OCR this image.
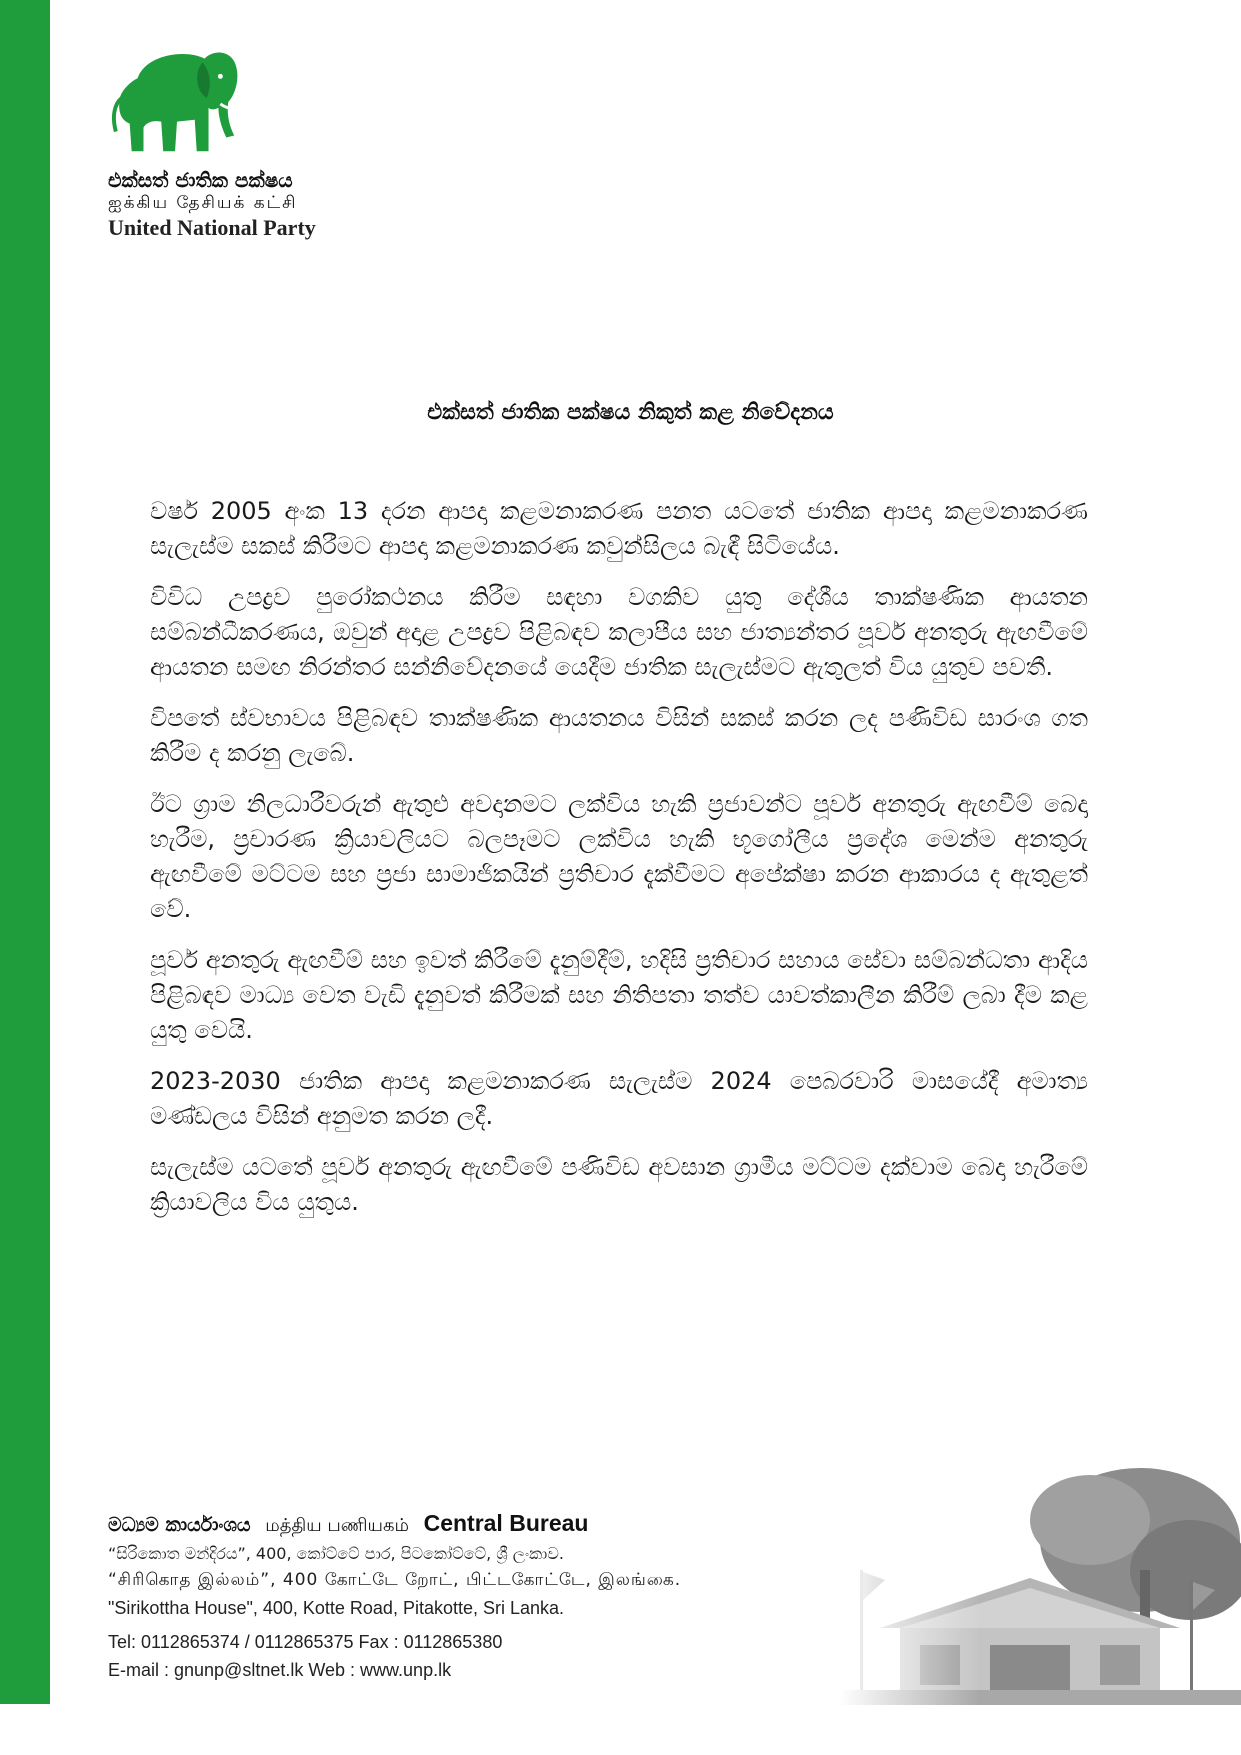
එක්සත් ජාතික පක්ෂය
ஐக்கிய தேசியக் கட்சி
United National Party
එක්සත් ජාතික පක්ෂය නිකුත් කළ නිවේදනය

වර්ෂ 2005 අංක 13 දරන ආපදා කළමනාකරණ පනත යටතේ ජාතික ආපදා කළමනාකරණ සැලැස්ම සකස් කිරීමට ආපදා කළමනාකරණ කවුන්සිලය බැඳී සිටියේය.

විවිධ උපද්‍රව පුරෝකථනය කිරීම සඳහා වගකිව යුතු දේශීය තාක්ෂණික ආයතන සම්බන්ධීකරණය, ඔවුන් අදාළ උපද්‍රව පිළිබඳව කලාපීය සහ ජාත්‍යන්තර පූර්ව අනතුරු ඇඟවීමේ ආයතන සමඟ නිරන්තර සන්නිවේදනයේ යෙදීම ජාතික සැලැස්මට ඇතුලත් විය යුතුව පවතී.

විපතේ ස්වභාවය පිළිබඳව තාක්ෂණික ආයතනය විසින් සකස් කරන ලද පණිවිඩ සාරංශ ගත කිරීම ද කරනු ලැබේ.

ඊට ග්‍රාම නිලධාරීවරුන් ඇතුළු අවදානමට ලක්විය හැකි ප්‍රජාවන්ට පූර්ව අනතුරු ඇඟවීම් බෙදා හැරීම, ප්‍රචාරණ ක්‍රියාවලියට බලපෑමට ලක්විය හැකි භූගෝලීය ප්‍රදේශ මෙන්ම අනතුරු ඇඟවීමේ මට්ටම සහ ප්‍රජා සාමාජිකයින් ප්‍රතිචාර දැක්වීමට අපේක්ෂා කරන ආකාරය ද ඇතුළත් වේ.

පූර්ව අනතුරු ඇඟවීම් සහ ඉවත් කිරීමේ දැනුම්දීම්, හදිසි ප්‍රතිචාර සහාය සේවා සම්බන්ධතා ආදිය පිළිබඳව මාධ්‍ය වෙත වැඩි දැනුවත් කිරීමක් සහ නිතිපතා තත්ව යාවත්කාලීන කිරීම් ලබා දීම කළ යුතු වෙයි.

2023-2030 ජාතික ආපදා කළමනාකරණ සැලැස්ම 2024 පෙබරවාරි මාසයේදී අමාත්‍ය මණ්ඩලය විසින් අනුමත කරන ලදී.

සැලැස්ම යටතේ පූර්ව අනතුරු ඇඟවීමේ පණිවිඩ අවසාන ග්‍රාමීය මට්ටම දක්වාම බෙදා හැරීමේ ක්‍රියාවලිය විය යුතුය.

මධ්‍යම කාර්යාංශය மத்திய பணியகம் Central Bureau
“සිරිකොත මන්දිරය”, 400, කෝට්ටේ පාර, පිටකෝට්ටේ, ශ්‍රී ලංකාව.
“சிரிகொத இல்லம்”, 400 கோட்டே றோட், பிட்டகோட்டே, இலங்கை.
"Sirikottha House", 400, Kotte Road, Pitakotte, Sri Lanka.
Tel: 0112865374 / 0112865375 Fax : 0112865380
E-mail : gnunp@sltnet.lk Web : www.unp.lk
